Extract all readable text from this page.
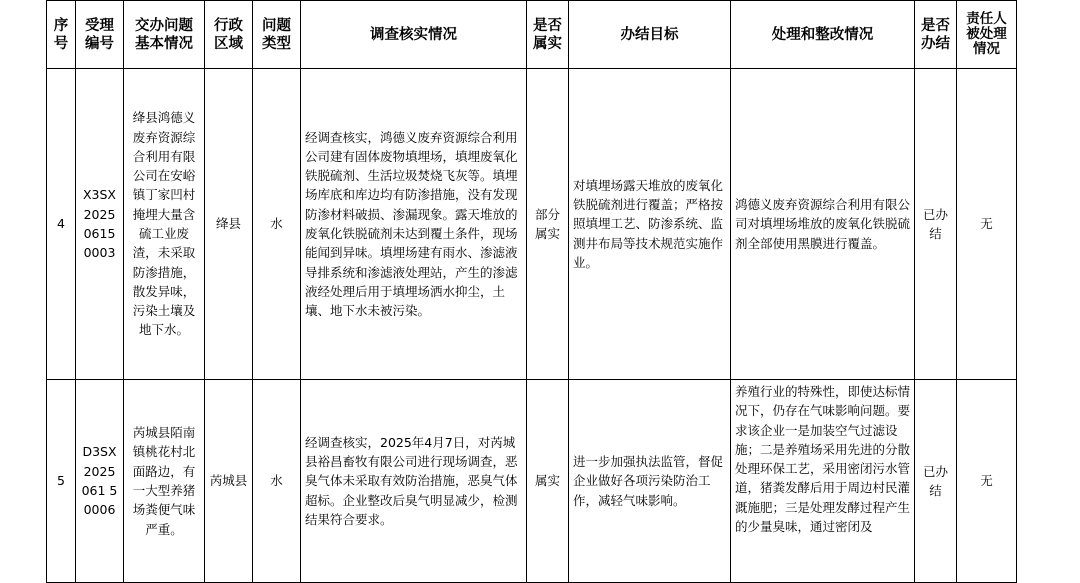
序号	受理编号	交办问题基本情况	行政区域	问题类型	调查核实情况	是否属实	办结目标	处理和整改情况	是否办结	责任人被处理情况
4	X3SX20250615 0003	绛县鸿德义废弃资源综合利用有限公司在安峪镇丁家凹村掩埋大量含硫工业废渣，未采取防渗措施，散发异味，污染土壤及地下水。	绛县	水	经调查核实，鸿德义废弃资源综合利用公司建有固体废物填埋场，填埋废氧化铁脱硫剂、生活垃圾焚烧飞灰等。填埋场库底和库边均有防渗措施，没有发现防渗材料破损、渗漏现象。露天堆放的废氧化铁脱硫剂未达到覆土条件，现场能闻到异味。填埋场建有雨水、渗滤液导排系统和渗滤液处理站，产生的渗滤液经处理后用于填埋场洒水抑尘，土壤、地下水未被污染。	部分属实	对填埋场露天堆放的废氧化铁脱硫剂进行覆盖；严格按照填埋工艺、防渗系统、监测井布局等技术规范实施作业。	鸿德义废弃资源综合利用有限公司对填埋场堆放的废氧化铁脱硫剂全部使用黑膜进行覆盖。	已办结	无
5	D3SX2025061 50006	芮城县陌南镇桃花村北面路边，有一大型养猪场粪便气味严重。	芮城县	水	经调查核实，2025年4月7日，对芮城县裕昌畜牧有限公司进行现场调查，恶臭气体未采取有效防治措施，恶臭气体超标。企业整改后臭气明显减少，检测结果符合要求。	属实	进一步加强执法监管，督促企业做好各项污染防治工作，减轻气味影响。	养殖行业的特殊性，即使达标情况下，仍存在气味影响问题。要求该企业一是加装空气过滤设施；二是养殖场采用先进的分散处理环保工艺，采用密闭污水管道，猪粪发酵后用于周边村民灌溉施肥；三是处理发酵过程产生的少量臭味，通过密闭及	已办结	无
